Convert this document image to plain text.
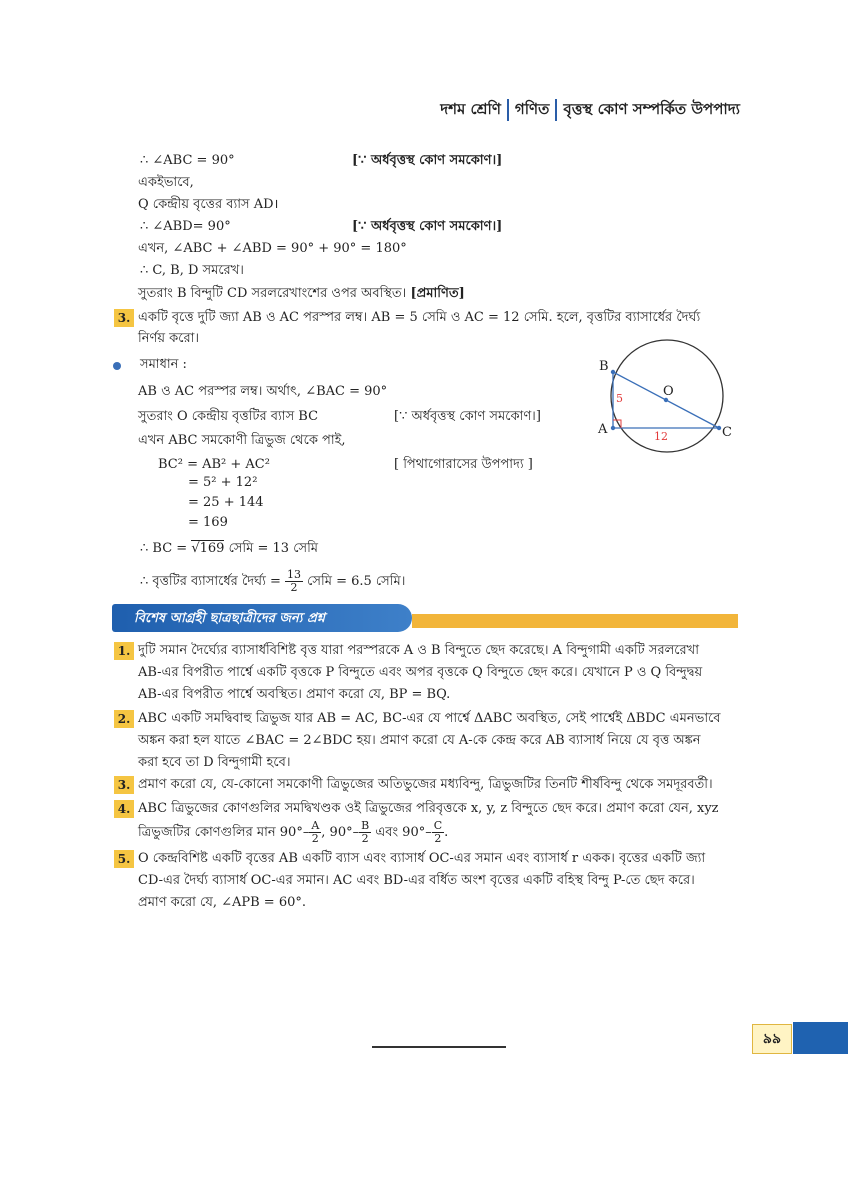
দশম শ্রেণি গণিত বৃত্তস্থ কোণ সম্পর্কিত উপপাদ্য
∴ ∠ABC = 90°	[∵ অর্ধবৃত্তস্থ কোণ সমকোণ।]
একইভাবে,
Q কেন্দ্রীয় বৃত্তের ব্যাস AD।
∴ ∠ABD= 90°	[∵ অর্ধবৃত্তস্থ কোণ সমকোণ।]
এখন, ∠ABC + ∠ABD = 90° + 90° = 180°
∴ C, B, D সমরেখ।
সুতরাং B বিন্দুটি CD সরলরেখাংশের ওপর অবস্থিত। [প্রমাণিত]
3. একটি বৃত্তে দুটি জ্যা AB ও AC পরস্পর লম্ব। AB = 5 সেমি ও AC = 12 সেমি. হলে, বৃত্তটির ব্যাসার্ধের দৈর্ঘ্য
নির্ণয় করো।
সমাধান :
AB ও AC পরস্পর লম্ব। অর্থাৎ, ∠BAC = 90°
সুতরাং O কেন্দ্রীয় বৃত্তটির ব্যাস BC	[∵ অর্ধবৃত্তস্থ কোণ সমকোণ।]
এখন ABC সমকোণী ত্রিভুজ থেকে পাই,
BC² = AB² + AC²	[ পিথাগোরাসের উপপাদ্য ]
= 5² + 12²
= 25 + 144
= 169
∴ BC = √169 সেমি = 13 সেমি
∴ বৃত্তটির ব্যাসার্ধের দৈর্ঘ্য = $\frac{13}{2}$ সেমি = 6.5 সেমি।
B
O
A	C
5
12
বিশেষ আগ্রহী ছাত্রছাত্রীদের জন্য প্রশ্ন
1. দুটি সমান দৈর্ঘ্যের ব্যাসার্ধবিশিষ্ট বৃত্ত যারা পরস্পরকে A ও B বিন্দুতে ছেদ করেছে। A বিন্দুগামী একটি সরলরেখা
AB-এর বিপরীত পার্শ্বে একটি বৃত্তকে P বিন্দুতে এবং অপর বৃত্তকে Q বিন্দুতে ছেদ করে। যেখানে P ও Q বিন্দুদ্বয়
AB-এর বিপরীত পার্শ্বে অবস্থিত। প্রমাণ করো যে, BP = BQ.
2. ABC একটি সমদ্বিবাহু ত্রিভুজ যার AB = AC, BC-এর যে পার্শ্বে ΔABC অবস্থিত, সেই পার্শ্বেই ΔBDC এমনভাবে
অঙ্কন করা হল যাতে ∠BAC = 2∠BDC হয়। প্রমাণ করো যে A-কে কেন্দ্র করে AB ব্যাসার্ধ নিয়ে যে বৃত্ত অঙ্কন
করা হবে তা D বিন্দুগামী হবে।
3. প্রমাণ করো যে, যে-কোনো সমকোণী ত্রিভুজের অতিভুজের মধ্যবিন্দু, ত্রিভুজটির তিনটি শীর্ষবিন্দু থেকে সমদূরবর্তী।
4. ABC ত্রিভুজের কোণগুলির সমদ্বিখণ্ডক ওই ত্রিভুজের পরিবৃত্তকে x, y, z বিন্দুতে ছেদ করে। প্রমাণ করো যেন, xyz
ত্রিভুজটির কোণগুলির মান $90^\circ- \frac{A}{2}$ , $90^\circ- \frac{B}{2}$ এবং $90^\circ- \frac{C}{2}$ .
5. O কেন্দ্রবিশিষ্ট একটি বৃত্তের AB একটি ব্যাস এবং ব্যাসার্ধ OC-এর সমান এবং ব্যাসার্ধ r একক। বৃত্তের একটি জ্যা
CD-এর দৈর্ঘ্য ব্যাসার্ধ OC-এর সমান। AC এবং BD-এর বর্ধিত অংশ বৃত্তের একটি বহিস্থ বিন্দু P-তে ছেদ করে।
প্রমাণ করো যে, ∠APB = 60°.
৯৯
